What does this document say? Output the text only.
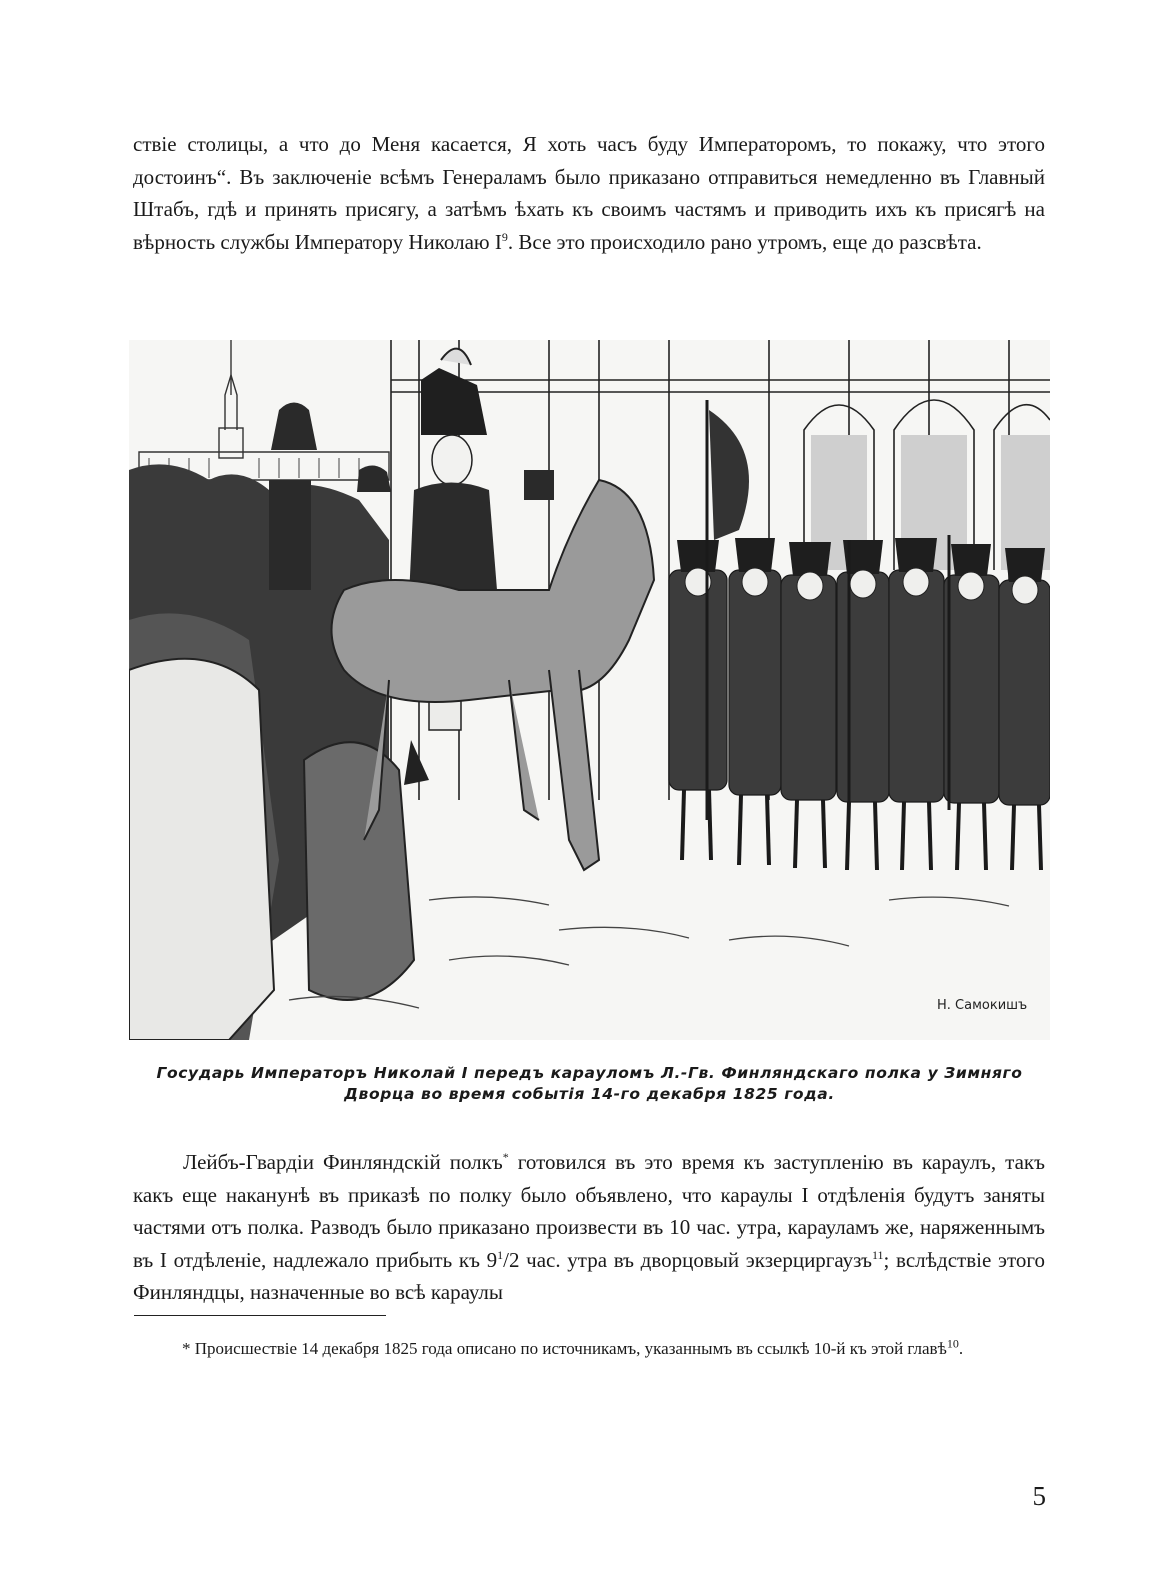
ствіе столицы, а что до Меня касается, Я хоть часъ буду Императоромъ, то покажу, что этого достоинъ“. Въ заключеніе всѣмъ Генераламъ было приказано отправиться немедленно въ Главный Штабъ, гдѣ и принять присягу, а затѣмъ ѣхать къ своимъ частямъ и приводить ихъ къ присягѣ на вѣрность службы Императору Николаю $I^9$. Все это происходило рано утромъ, еще до разсвѣта.

Н. Самокишъ
Государь Императоръ Николай I передъ карауломъ Л.-Гв. Финляндскаго полка у Зимняго Дворца во время событія 14-го декабря 1825 года.

Лейбъ-Гвардіи Финляндскій полкъ* готовился въ это время къ заступленію въ караулъ, такъ какъ еще наканунѣ въ приказѣ по полку было объявлено, что караулы I отдѣленія будутъ заняты частями отъ полка. Разводъ было приказано произвести въ 10 час. утра, карауламъ же, наряженнымъ въ I отдѣленіе, надлежало прибыть къ $9^1/2$ час. утра въ дворцовый экзерциргаузъ$^{11}$; вслѣдствіе этого Финляндцы, назначенные во всѣ караулы

* Происшествіе 14 декабря 1825 года описано по источникамъ, указаннымъ въ ссылкѣ 10-й къ этой главѣ$^{10}$.

5
